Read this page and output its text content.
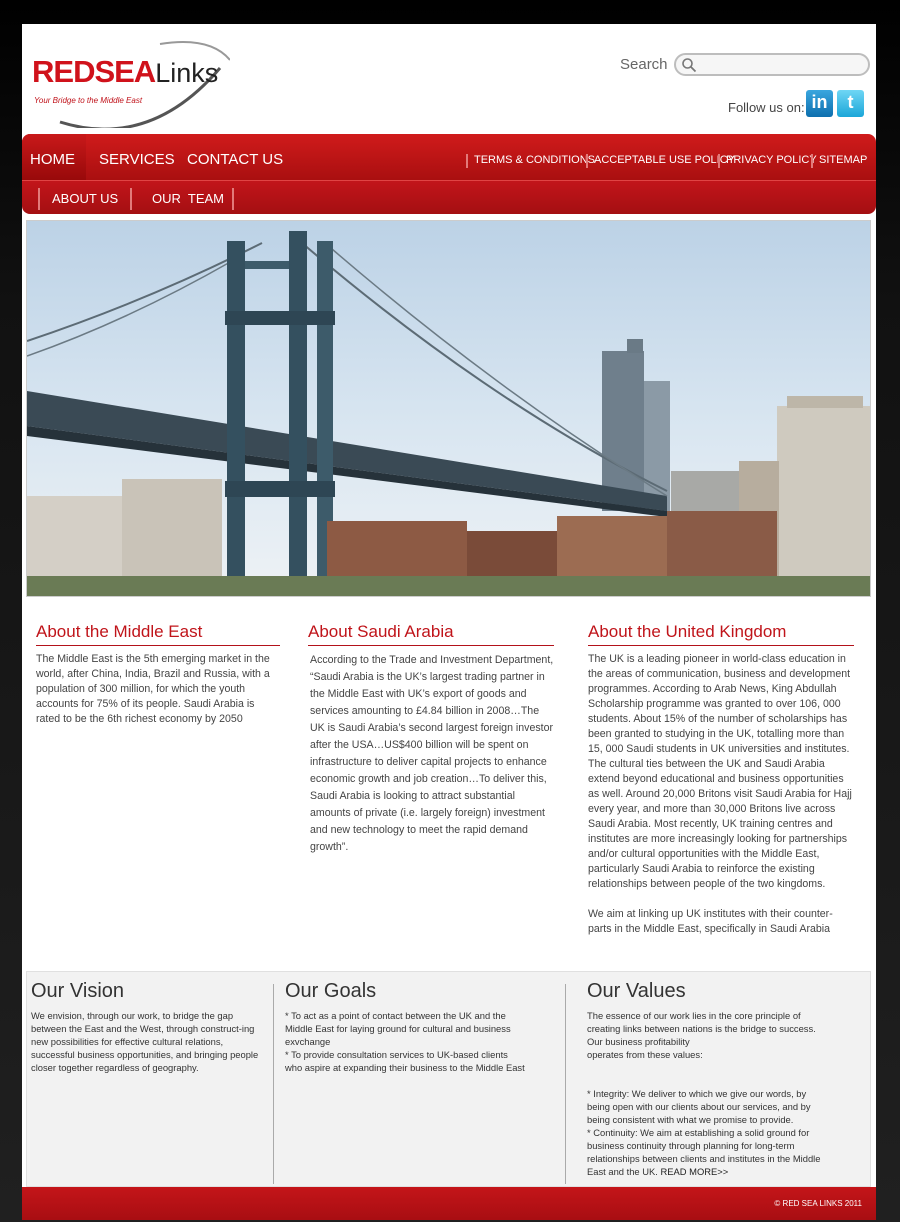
REDSEALinks
Your Bridge to the Middle East
Search
Follow us on: in	t
HOME SERVICES CONTACT US	TERMS & CONDITIONS
ACCEPTABLE USE POLICY
PRIVACY POLICY SITEMAP
ABOUT US	OUR  TEAM
About the Middle East

The Middle East is the 5th emerging market in the world, after China, India, Brazil and Russia, with a population of 300 million, for which the youth accounts for 75% of its people. Saudi Arabia is rated to be the 6th richest economy by 2050

About Saudi Arabia

According to the Trade and Investment Department, “Saudi Arabia is the UK’s largest trading partner in the Middle East with UK’s export of goods and services amounting to £4.84 billion in 2008…The UK is Saudi Arabia’s second largest foreign investor after the USA…US$400 billion will be spent on infrastructure to deliver capital projects to enhance economic growth and job creation…To deliver this, Saudi Arabia is looking to attract substantial amounts of private (i.e. largely foreign) investment and new technology to meet the rapid demand growth”.

About the United Kingdom

The UK is a leading pioneer in world-class education in the areas of communication, business and development programmes. According to Arab News, King Abdullah Scholarship programme was granted to over 106, 000 students. About 15% of the number of scholarships has been granted to studying in the UK, totalling more than 15, 000 Saudi students in UK universities and institutes. The cultural ties between the UK and Saudi Arabia extend beyond educational and business opportunities as well. Around 20,000 Britons visit Saudi Arabia for Hajj every year, and more than 30,000 Britons live across Saudi Arabia. Most recently, UK training centres and institutes are more increasingly looking for partnerships and/or cultural opportunities with the Middle East, particularly Saudi Arabia to reinforce the existing relationships between people of the two kingdoms.

We aim at linking up UK institutes with their counter-parts in the Middle East, specifically in Saudi Arabia

Our Vision

We envision, through our work, to bridge the gap between the East and the West, through construct-ing new possibilities for effective cultural relations, successful business opportunities, and bringing people closer together regardless of geography.

Our Goals

* To act as a point of contact between the UK and the Middle East for laying ground for cultural and business exvchange
* To provide consultation services to UK-based clients who aspire at expanding their business to the Middle East

Our Values

The essence of our work lies in the core principle of creating links between nations is the bridge to success. Our business profitability
operates from these values:

* Integrity: We deliver to which we give our words, by being open with our clients about our services, and by being consistent with what we promise to provide.
* Continuity: We aim at establishing a solid ground for business continuity through planning for long-term relationships between clients and institutes in the Middle East and the UK. READ MORE>>

© RED SEA LINKS 2011
